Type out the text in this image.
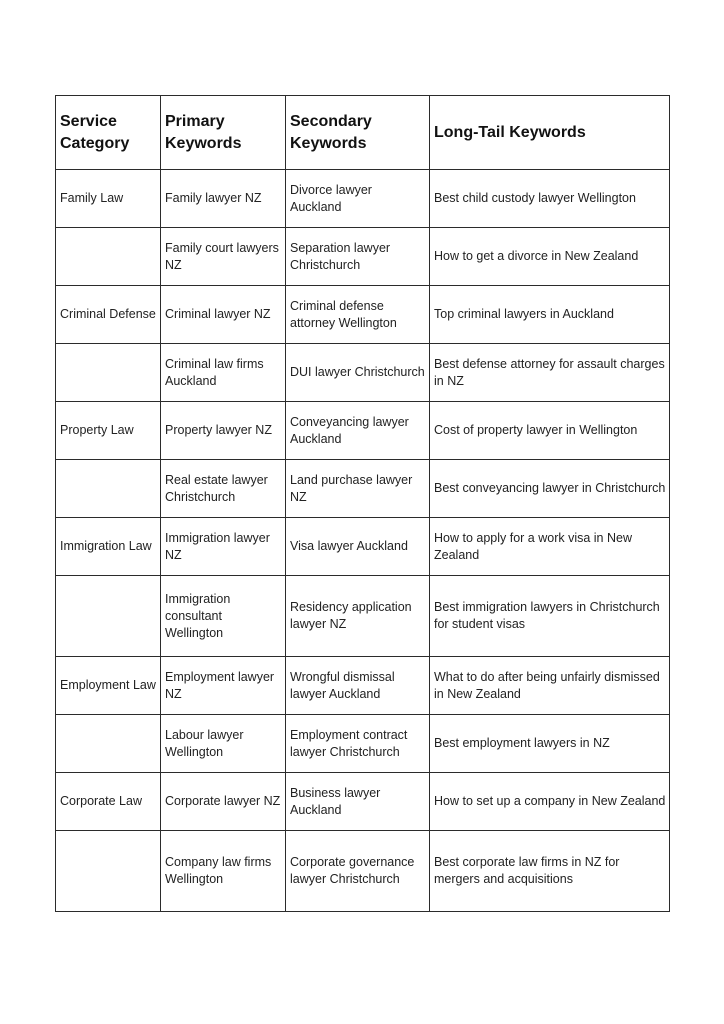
Service Category	Primary Keywords	Secondary Keywords	Long-Tail Keywords
Family Law	Family lawyer NZ	Divorce lawyer Auckland	Best child custody lawyer Wellington
	Family court lawyers NZ	Separation lawyer Christchurch	How to get a divorce in New Zealand
Criminal Defense	Criminal lawyer NZ	Criminal defense attorney Wellington	Top criminal lawyers in Auckland
	Criminal law firms Auckland	DUI lawyer Christchurch	Best defense attorney for assault charges in NZ
Property Law	Property lawyer NZ	Conveyancing lawyer Auckland	Cost of property lawyer in Wellington
	Real estate lawyer Christchurch	Land purchase lawyer NZ	Best conveyancing lawyer in Christchurch
Immigration Law	Immigration lawyer NZ	Visa lawyer Auckland	How to apply for a work visa in New Zealand
	Immigration consultant Wellington	Residency application lawyer NZ	Best immigration lawyers in Christchurch for student visas
Employment Law	Employment lawyer NZ	Wrongful dismissal lawyer Auckland	What to do after being unfairly dismissed in New Zealand
	Labour lawyer Wellington	Employment contract lawyer Christchurch	Best employment lawyers in NZ
Corporate Law	Corporate lawyer NZ	Business lawyer Auckland	How to set up a company in New Zealand
	Company law firms Wellington	Corporate governance lawyer Christchurch	Best corporate law firms in NZ for mergers and acquisitions
